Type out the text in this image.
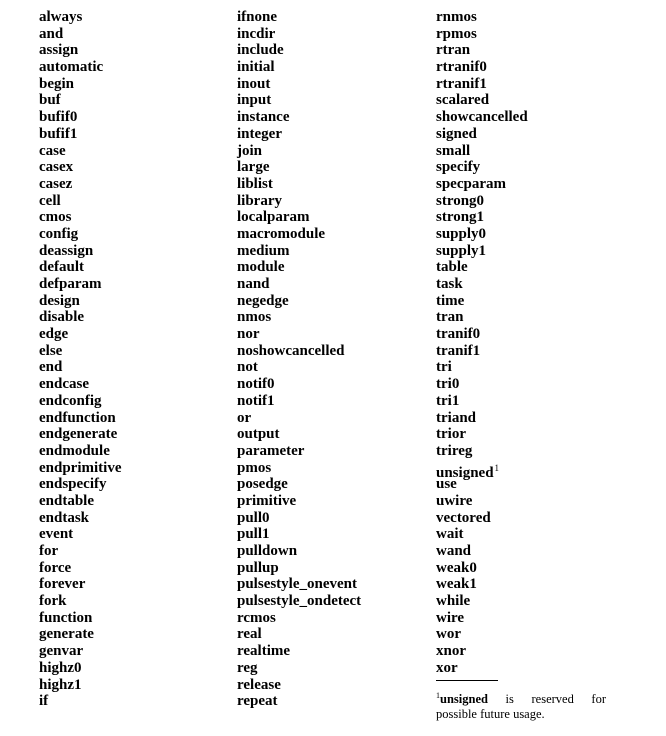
always
and
assign
automatic
begin
buf
bufif0
bufif1
case
casex
casez
cell
cmos
config
deassign
default
defparam
design
disable
edge
else
end
endcase
endconfig
endfunction
endgenerate
endmodule
endprimitive
endspecify
endtable
endtask
event
for
force
forever
fork
function
generate
genvar
highz0
highz1
if
ifnone
incdir
include
initial
inout
input
instance
integer
join
large
liblist
library
localparam
macromodule
medium
module
nand
negedge
nmos
nor
noshowcancelled
not
notif0
notif1
or
output
parameter
pmos
posedge
primitive
pull0
pull1
pulldown
pullup
pulsestyle_onevent
pulsestyle_ondetect
rcmos
real
realtime
reg
release
repeat
rnmos
rpmos
rtran
rtranif0
rtranif1
scalared
showcancelled
signed
small
specify
specparam
strong0
strong1
supply0
supply1
table
task
time
tran
tranif0
tranif1
tri
tri0
tri1
triand
trior
trireg
unsigned$^1$
use
uwire
vectored
wait
wand
weak0
weak1
while
wire
wor
xnor
xor
$^1$unsigned is reserved for possible future usage.
